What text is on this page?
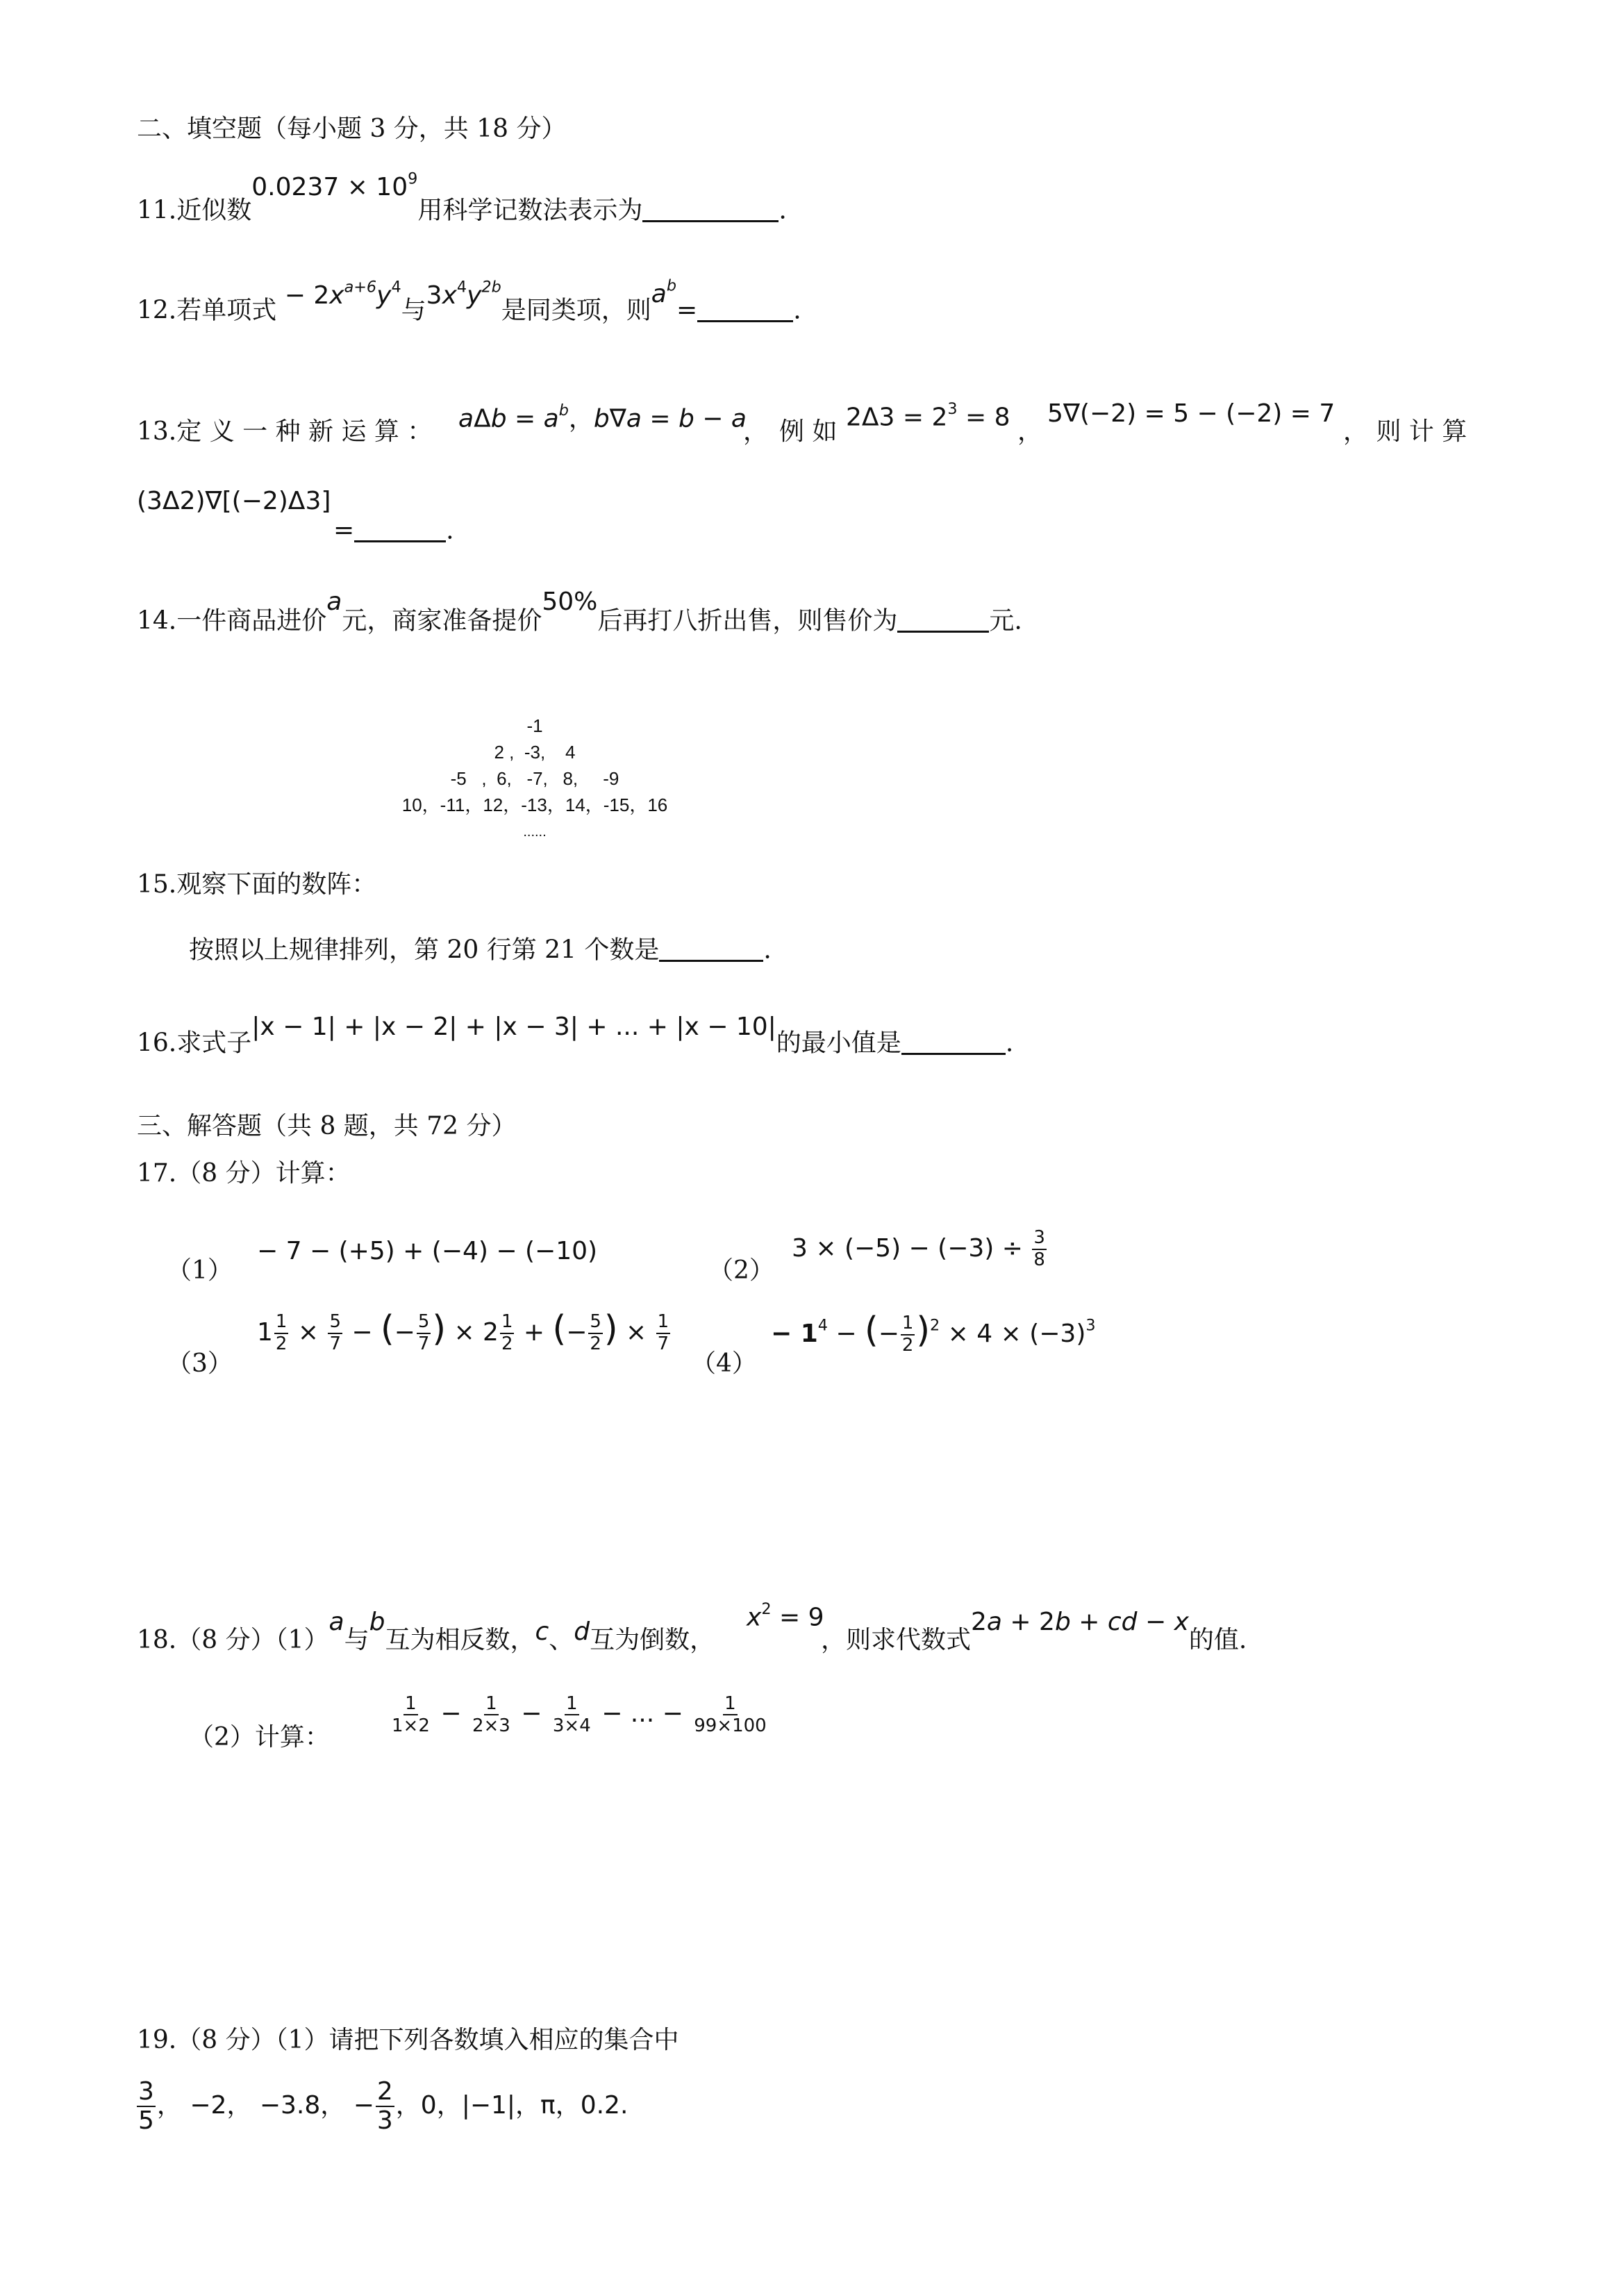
二、填空题（每小题 3 分，共 18 分）
11.近似数$0.0237 \times 10^9$用科学记数法表示为	.
12.若单项式 − $2x^{a+6}y^4$与$3x^4y^{2b}$是同类项，则$a^b=$	.
13.定 义 一 种 新 运 算 ： $a\Delta b = a^b$，b∇a = b − a
， 例 如 $2\Delta 3 = 2^3 = 8$ ，
5∇(−2) = 5 − (−2) = 7
， 则 计 算
(3Δ2)∇[(−2)Δ3]
=	.
14.一件商品进价a元，商家准备提价50%后再打八折出售，则售价为	元.
-1
2 ,  -3,    4
-5   ,  6,   -7,   8,     -9
10，-11，12，-13，14，-15，16
......
15.观察下面的数阵：
按照以上规律排列，第 20 行第 21 个数是	.
16.求式子|x − 1| + |x − 2| + |x − 3| + ... + |x − 10|的最小值是	.
三、解答题（共 8 题，共 72 分）
17.（8 分）计算：
（1）
− 7 − (+5) + (−4) − (−10)
（2）
$3 \times (-5) - (-3) \div \frac{3}{8}$
（3）
$1 \frac{1}{2} \times \frac{5}{7}$ − (− $\frac{5}{7}$ ) × $2 \frac{1}{2}$ + (− $\frac{5}{2}$ ) × $\frac{1}{7}$
（4）
− $1^4$ − (− $\frac{1}{2} )^2 \times 4 \times (-3)^3$
18.（8 分）（1）a与b互为相反数，c、d互为倒数，
$x^2 = 9$
，则求代数式2a + 2b + cd − x的值.
（2）计算：
$\frac{1}{1\times 2} - \frac{1}{2\times 3} - \frac{1}{3\times 4}$ − ... − $\frac{1}{99\times 100}$
19.（8 分）（1）请把下列各数填入相应的集合中
$\frac{3}{5}$ ， −2， −3.8， − $\frac{2}{3}$ ，0，|−1|，π，0.2.
